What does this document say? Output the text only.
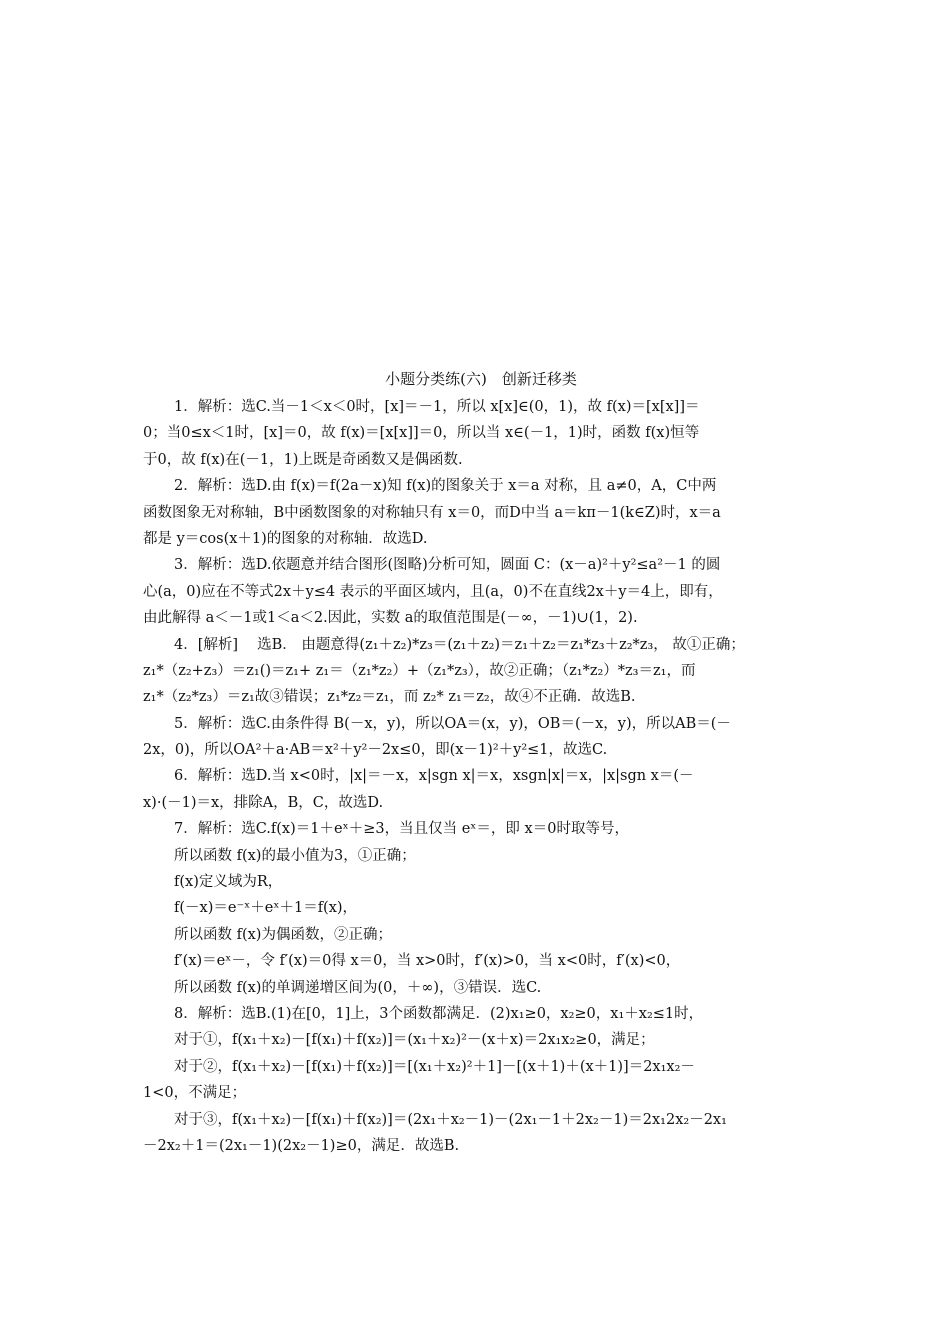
小题分类练(六)　创新迁移类
1．解析：选C.当－1＜x＜0时，[x]＝－1，所以 x[x]∈(0，1)，故 f(x)＝[x[x]]＝
0；当0≤x＜1时，[x]＝0，故 f(x)＝[x[x]]＝0，所以当 x∈(－1，1)时，函数 f(x)恒等
于0，故 f(x)在(－1，1)上既是奇函数又是偶函数.
2．解析：选D.由 f(x)＝f(2a－x)知 f(x)的图象关于 x＝a 对称，且 a≠0，A，C中两
函数图象无对称轴，B中函数图象的对称轴只有 x＝0，而D中当 a＝kπ－1(k∈Z)时，x＝a
都是 y＝cos(x＋1)的图象的对称轴．故选D.
3．解析：选D.依题意并结合图形(图略)分析可知，圆面 C：(x－a)²＋y²≤a²－1 的圆
心(a，0)应在不等式2x＋y≤4 表示的平面区域内，且(a，0)不在直线2x＋y＝4上，即有，
由此解得 a＜－1或1＜a＜2.因此，实数 a的取值范围是(－∞，－1)∪(1，2).
4．[解析]　 选B． 由题意得(z₁＋z₂)*z₃＝(z₁＋z₂)＝z₁＋z₂＝z₁*z₃＋z₂*z₃， 故①正确；
z₁*（z₂+z₃）＝z₁()＝z₁+ z₁＝（z₁*z₂）+（z₁*z₃），故②正确；（z₁*z₂）*z₃＝z₁，而
z₁*（z₂*z₃）＝z₁故③错误；z₁*z₂＝z₁，而 z₂* z₁＝z₂，故④不正确．故选B.
5．解析：选C.由条件得 B(－x，y)，所以OA＝(x，y)，OB＝(－x，y)，所以AB＝(－
2x，0)，所以OA²＋a·AB＝x²＋y²－2x≤0，即(x－1)²＋y²≤1，故选C.
6．解析：选D.当 x<0时，|x|＝－x，x|sgn x|＝x，xsgn|x|＝x，|x|sgn x＝(－
x)·(－1)＝x，排除A，B，C，故选D.
7．解析：选C.f(x)＝1＋eˣ＋≥3，当且仅当 eˣ＝，即 x＝0时取等号，
所以函数 f(x)的最小值为3，①正确；
f(x)定义域为R，
f(－x)＝e⁻ˣ＋eˣ＋1＝f(x)，
所以函数 f(x)为偶函数，②正确；
f′(x)＝eˣ－，令 f′(x)＝0得 x＝0，当 x>0时，f′(x)>0，当 x<0时，f′(x)<0，
所以函数 f(x)的单调递增区间为(0，＋∞)，③错误．选C.
8．解析：选B.(1)在[0，1]上，3个函数都满足．(2)x₁≥0，x₂≥0，x₁＋x₂≤1时，
对于①，f(x₁＋x₂)－[f(x₁)＋f(x₂)]＝(x₁＋x₂)²－(x＋x)＝2x₁x₂≥0，满足；
对于②，f(x₁＋x₂)－[f(x₁)＋f(x₂)]＝[(x₁＋x₂)²＋1]－[(x＋1)＋(x＋1)]＝2x₁x₂－
1<0，不满足；
对于③，f(x₁＋x₂)－[f(x₁)＋f(x₂)]＝(2x₁＋x₂－1)－(2x₁－1＋2x₂－1)＝2x₁2x₂－2x₁
－2x₂＋1＝(2x₁－1)(2x₂－1)≥0，满足．故选B.
